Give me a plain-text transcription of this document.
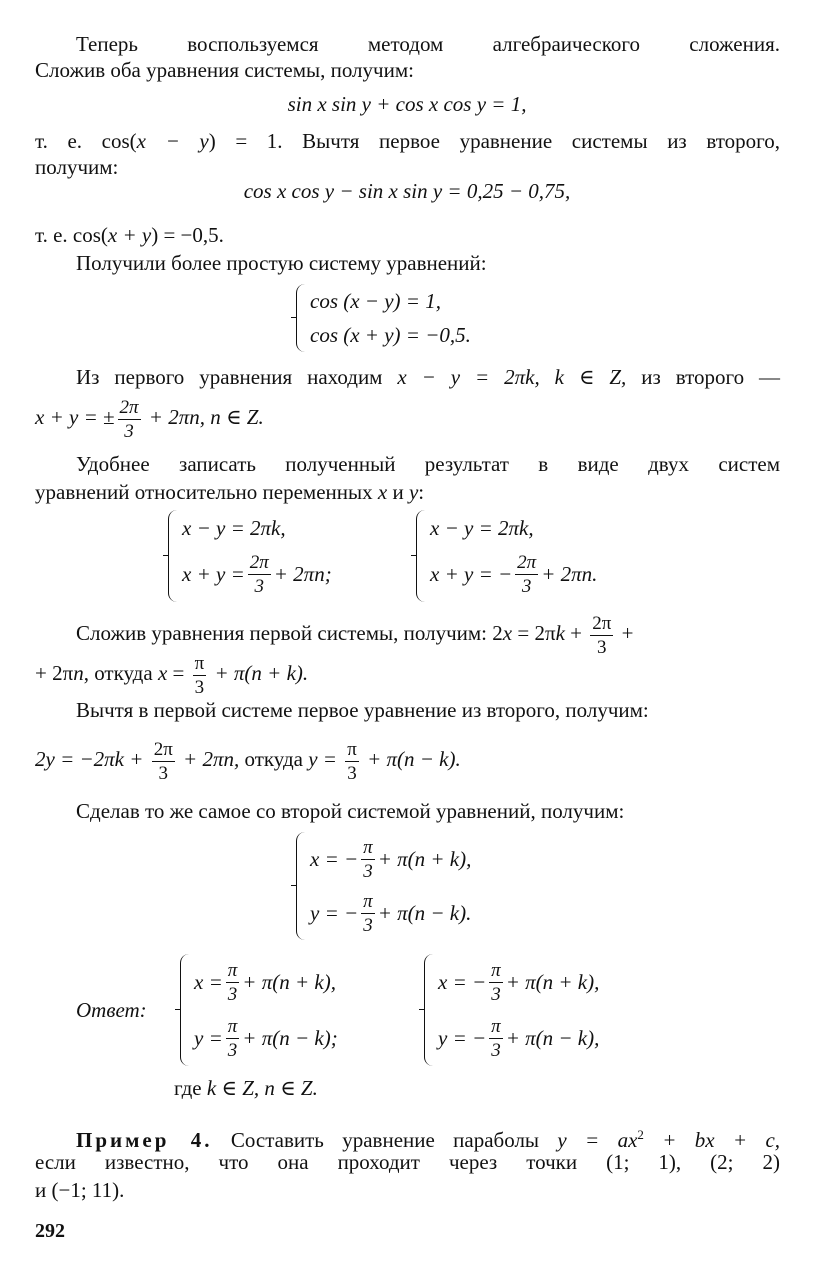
Теперь воспользуемся методом алгебраического сложения.
Сложив оба уравнения системы, получим:
sin x sin y + cos x cos y = 1,
т. е. cos(x − y) = 1. Вычтя первое уравнение системы из второго,
получим:
cos x cos y − sin x sin y = 0,25 − 0,75,
т. е. cos(x + y) = −0,5.
Получили более простую систему уравнений:
cos (x − y) = 1,
cos (x + y) = −0,5.
Из первого уравнения находим x − y = 2πk, k ∈ Z, из второго —
x + y = ± $\frac{2\pi}{3} + 2\pi n$, n ∈ Z.
Удобнее записать полученный результат в виде двух систем
уравнений относительно переменных x и y:
x − y = 2πk,
$x + y = \frac{2\pi}{3} + 2\pi n$;
x − y = 2πk,
x + y = − $\frac{2\pi}{3} + 2\pi n$.
Сложив уравнения первой системы, получим: $2x = 2\pi k + \frac{2\pi}{3}$ +
+ 2πn, откуда $x = \frac{\pi}{3} + \pi(n + k)$.
Вычтя в первой системе первое уравнение из второго, получим:
$2y = -2\pi k + \frac{2\pi}{3} + 2\pi n$, откуда $y = \frac{\pi}{3} + \pi(n - k)$.
Сделав то же самое со второй системой уравнений, получим:
x = − $\frac{\pi}{3} + \pi(n + k)$,
y = − $\frac{\pi}{3} + \pi(n - k)$.
Ответ:
$x = \frac{\pi}{3} + \pi(n + k)$,
$y = \frac{\pi}{3} + \pi(n - k)$;
x = − $\frac{\pi}{3} + \pi(n + k)$,
y = − $\frac{\pi}{3} + \pi(n - k)$,
где k ∈ Z, n ∈ Z.
Пример 4. Составить уравнение параболы $y = ax^2$ + bx + c,
если известно, что она проходит через точки (1; 1), (2; 2)
и (−1; 11).
292
